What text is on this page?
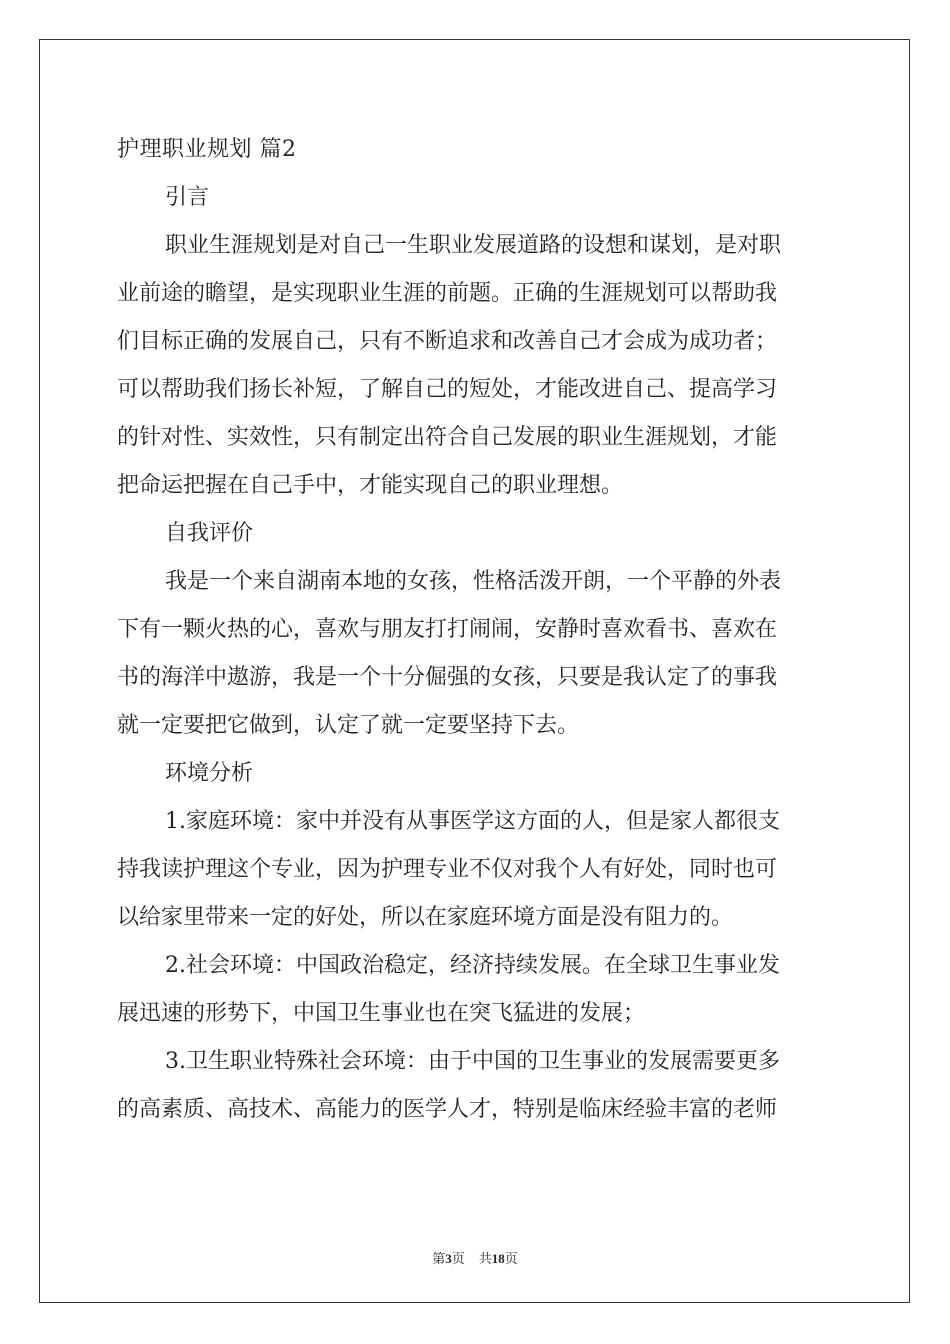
护理职业规划 篇2

引言

职业生涯规划是对自己一生职业发展道路的设想和谋划，是对职
业前途的瞻望，是实现职业生涯的前题。正确的生涯规划可以帮助我
们目标正确的发展自己，只有不断追求和改善自己才会成为成功者；
可以帮助我们扬长补短，了解自己的短处，才能改进自己、提高学习
的针对性、实效性，只有制定出符合自己发展的职业生涯规划，才能
把命运把握在自己手中，才能实现自己的职业理想。

自我评价

我是一个来自湖南本地的女孩，性格活泼开朗，一个平静的外表
下有一颗火热的心，喜欢与朋友打打闹闹，安静时喜欢看书、喜欢在
书的海洋中遨游，我是一个十分倔强的女孩，只要是我认定了的事我
就一定要把它做到，认定了就一定要坚持下去。

环境分析

1.家庭环境：家中并没有从事医学这方面的人，但是家人都很支
持我读护理这个专业，因为护理专业不仅对我个人有好处，同时也可
以给家里带来一定的好处，所以在家庭环境方面是没有阻力的。
2.社会环境：中国政治稳定，经济持续发展。在全球卫生事业发
展迅速的形势下，中国卫生事业也在突飞猛进的发展；
3.卫生职业特殊社会环境：由于中国的卫生事业的发展需要更多
的高素质、高技术、高能力的医学人才，特别是临床经验丰富的老师
第3页 共18页
